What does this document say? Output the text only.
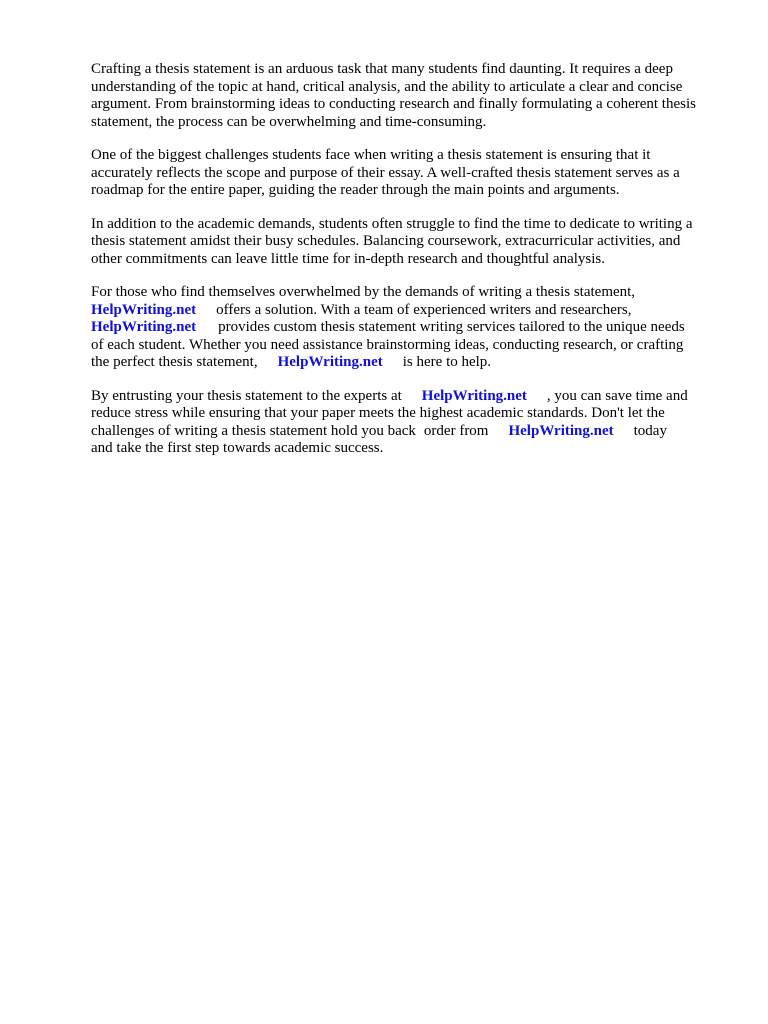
Crafting a thesis statement is an arduous task that many students find daunting. It requires a deep
understanding of the topic at hand, critical analysis, and the ability to articulate a clear and concise
argument. From brainstorming ideas to conducting research and finally formulating a coherent thesis
statement, the process can be overwhelming and time-consuming.

One of the biggest challenges students face when writing a thesis statement is ensuring that it
accurately reflects the scope and purpose of their essay. A well-crafted thesis statement serves as a
roadmap for the entire paper, guiding the reader through the main points and arguments.

In addition to the academic demands, students often struggle to find the time to dedicate to writing a
thesis statement amidst their busy schedules. Balancing coursework, extracurricular activities, and
other commitments can leave little time for in-depth research and thoughtful analysis.

For those who find themselves overwhelmed by the demands of writing a thesis statement,
HelpWriting.net offers a solution. With a team of experienced writers and researchers,
HelpWriting.net provides custom thesis statement writing services tailored to the unique needs
of each student. Whether you need assistance brainstorming ideas, conducting research, or crafting
the perfect thesis statement, HelpWriting.net is here to help.

By entrusting your thesis statement to the experts at HelpWriting.net , you can save time and
reduce stress while ensuring that your paper meets the highest academic standards. Don't let the
challenges of writing a thesis statement hold you back order from HelpWriting.net today
and take the first step towards academic success.
